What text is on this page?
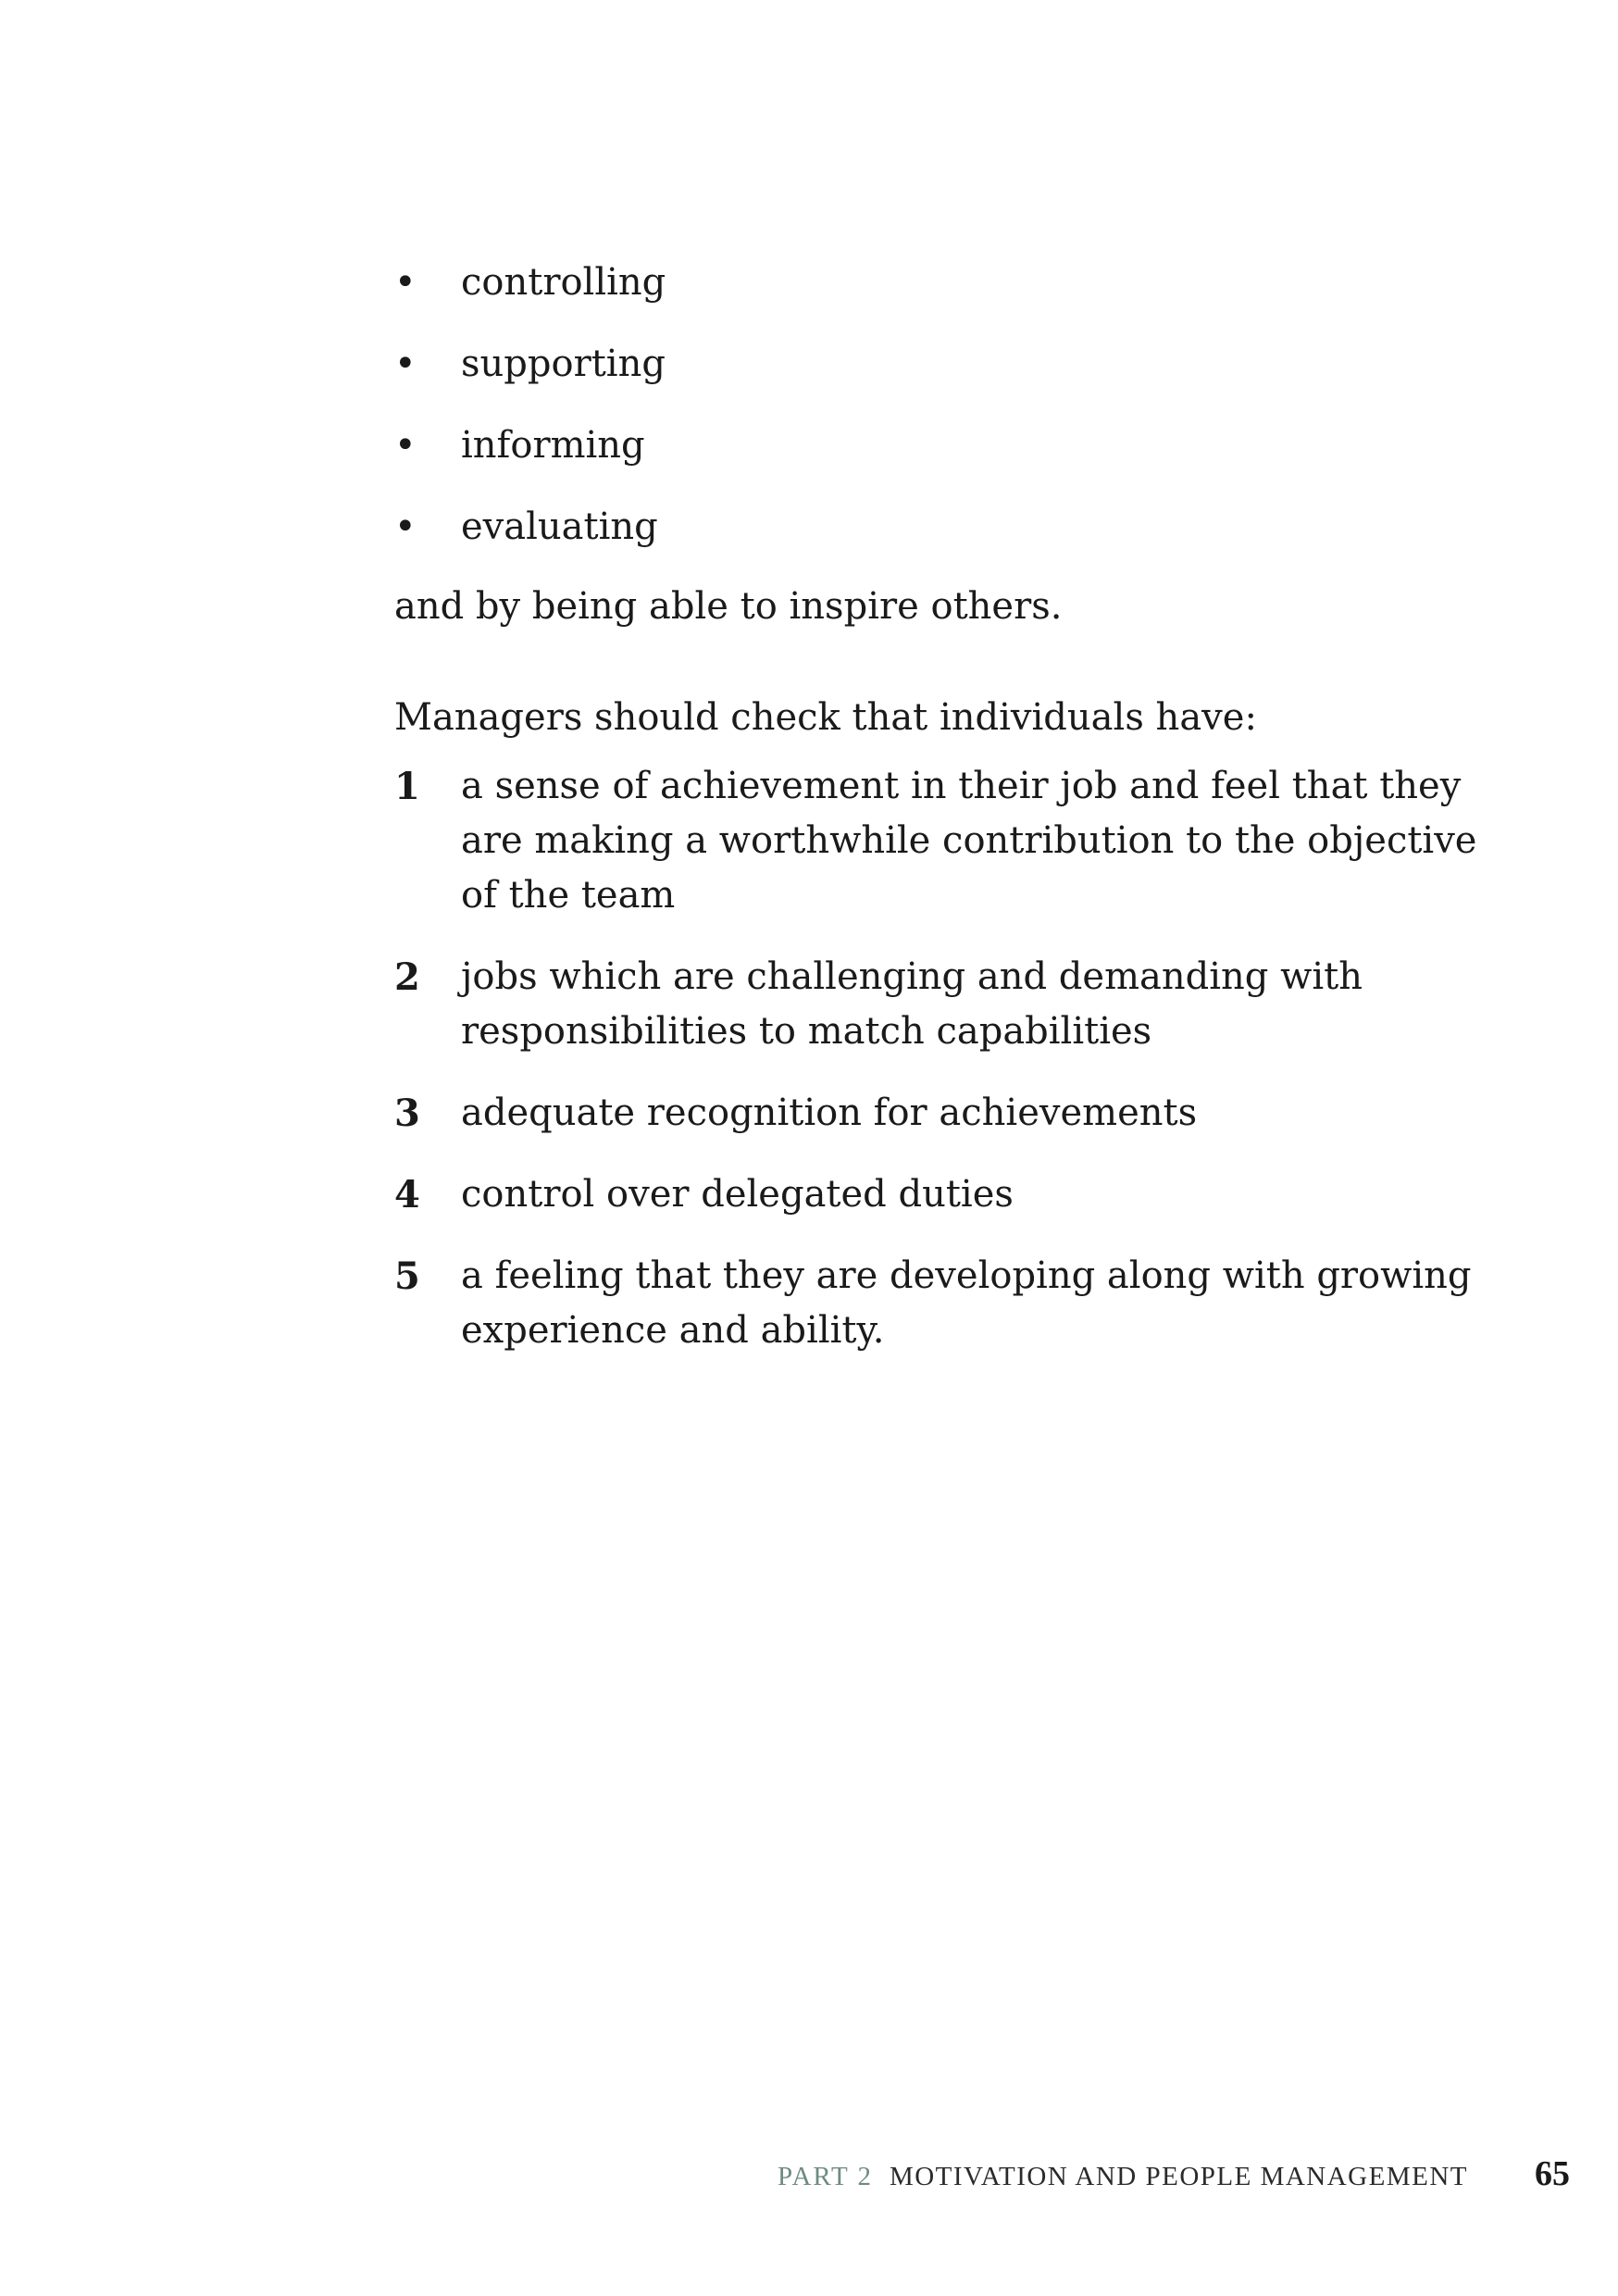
• controlling
• supporting
• informing
• evaluating

and by being able to inspire others.

Managers should check that individuals have:

1 a sense of achievement in their job and feel that they are making a worthwhile contribution to the objective of the team
2 jobs which are challenging and demanding with responsibilities to match capabilities
3 adequate recognition for achievements
4 control over delegated duties
5 a feeling that they are developing along with growing experience and ability.
PART 2 MOTIVATION AND PEOPLE MANAGEMENT 65
